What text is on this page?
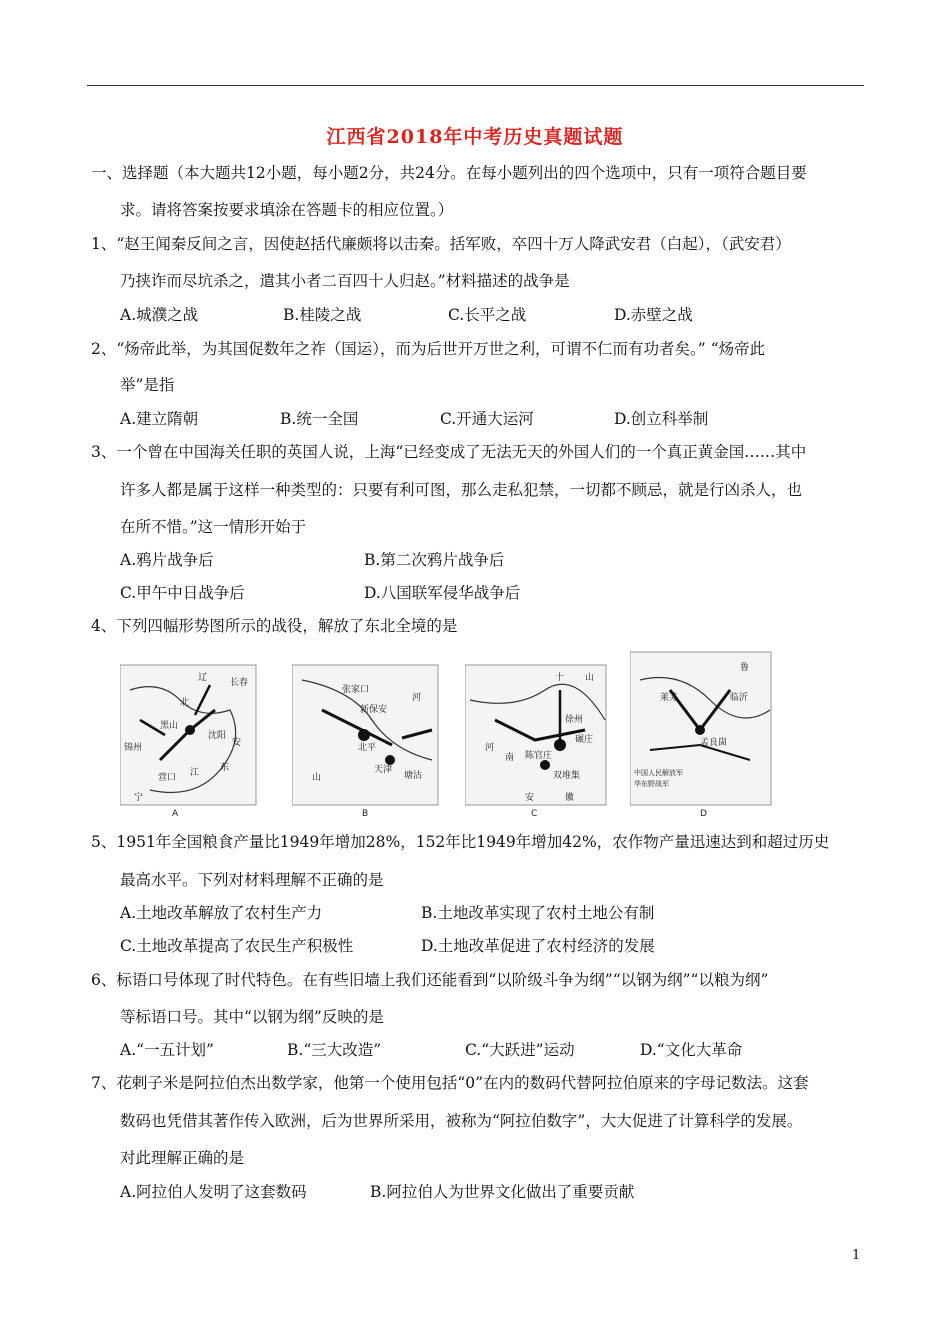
江西省2018年中考历史真题试题
一、选择题（本大题共12小题，每小题2分，共24分。在每小题列出的四个选项中，只有一项符合题目要
求。请将答案按要求填涂在答题卡的相应位置。）
1、“赵王闻秦反间之言，因使赵括代廉颇将以击秦。括军败，卒四十万人降武安君（白起），（武安君）
乃挟诈而尽坑杀之，遣其小者二百四十人归赵。”材料描述的战争是
A.城濮之战	B.桂陵之战	C.长平之战	D.赤壁之战
2、“炀帝此举，为其国促数年之祚（国运），而为后世开万世之利，可谓不仁而有功者矣。” “炀帝此
举”是指
A.建立隋朝	B.统一全国	C.开通大运河	D.创立科举制
3、一个曾在中国海关任职的英国人说，上海“已经变成了无法无天的外国人们的一个真正黄金国……其中
许多人都是属于这样一种类型的：只要有利可图，那么走私犯禁，一切都不顾忌，就是行凶杀人，也
在所不惜。”这一情形开始于
A.鸦片战争后	B.第二次鸦片战争后
C.甲午中日战争后	D.八国联军侵华战争后
4、下列四幅形势图所示的战役，解放了东北全境的是
辽
北
长春
锦州
沈阳
营口
黑山
宁
江 东
安
A
张家口
新保安
北平
天津
塘沽
山
河
B
徐州
碾庄
陈官庄
双堆集
河
南
安	徽
十 山
C
莱芜	临沂
孟良崮
鲁
中国人民解放军
华东野战军
D
5、1951年全国粮食产量比1949年增加28%，152年比1949年增加42%，农作物产量迅速达到和超过历史
最高水平。下列对材料理解不正确的是
A.土地改革解放了农村生产力	B.土地改革实现了农村土地公有制
C.土地改革提高了农民生产积极性	D.土地改革促进了农村经济的发展
6、标语口号体现了时代特色。在有些旧墙上我们还能看到“以阶级斗争为纲”“以钢为纲”“以粮为纲”
等标语口号。其中“以钢为纲”反映的是
A.“一五计划”	B.“三大改造”	C.“大跃进”运动	D.“文化大革命
7、花剌子米是阿拉伯杰出数学家，他第一个使用包括“0”在内的数码代替阿拉伯原来的字母记数法。这套
数码也凭借其著作传入欧洲，后为世界所采用，被称为“阿拉伯数字”，大大促进了计算科学的发展。
对此理解正确的是
A.阿拉伯人发明了这套数码	B.阿拉伯人为世界文化做出了重要贡献
1
